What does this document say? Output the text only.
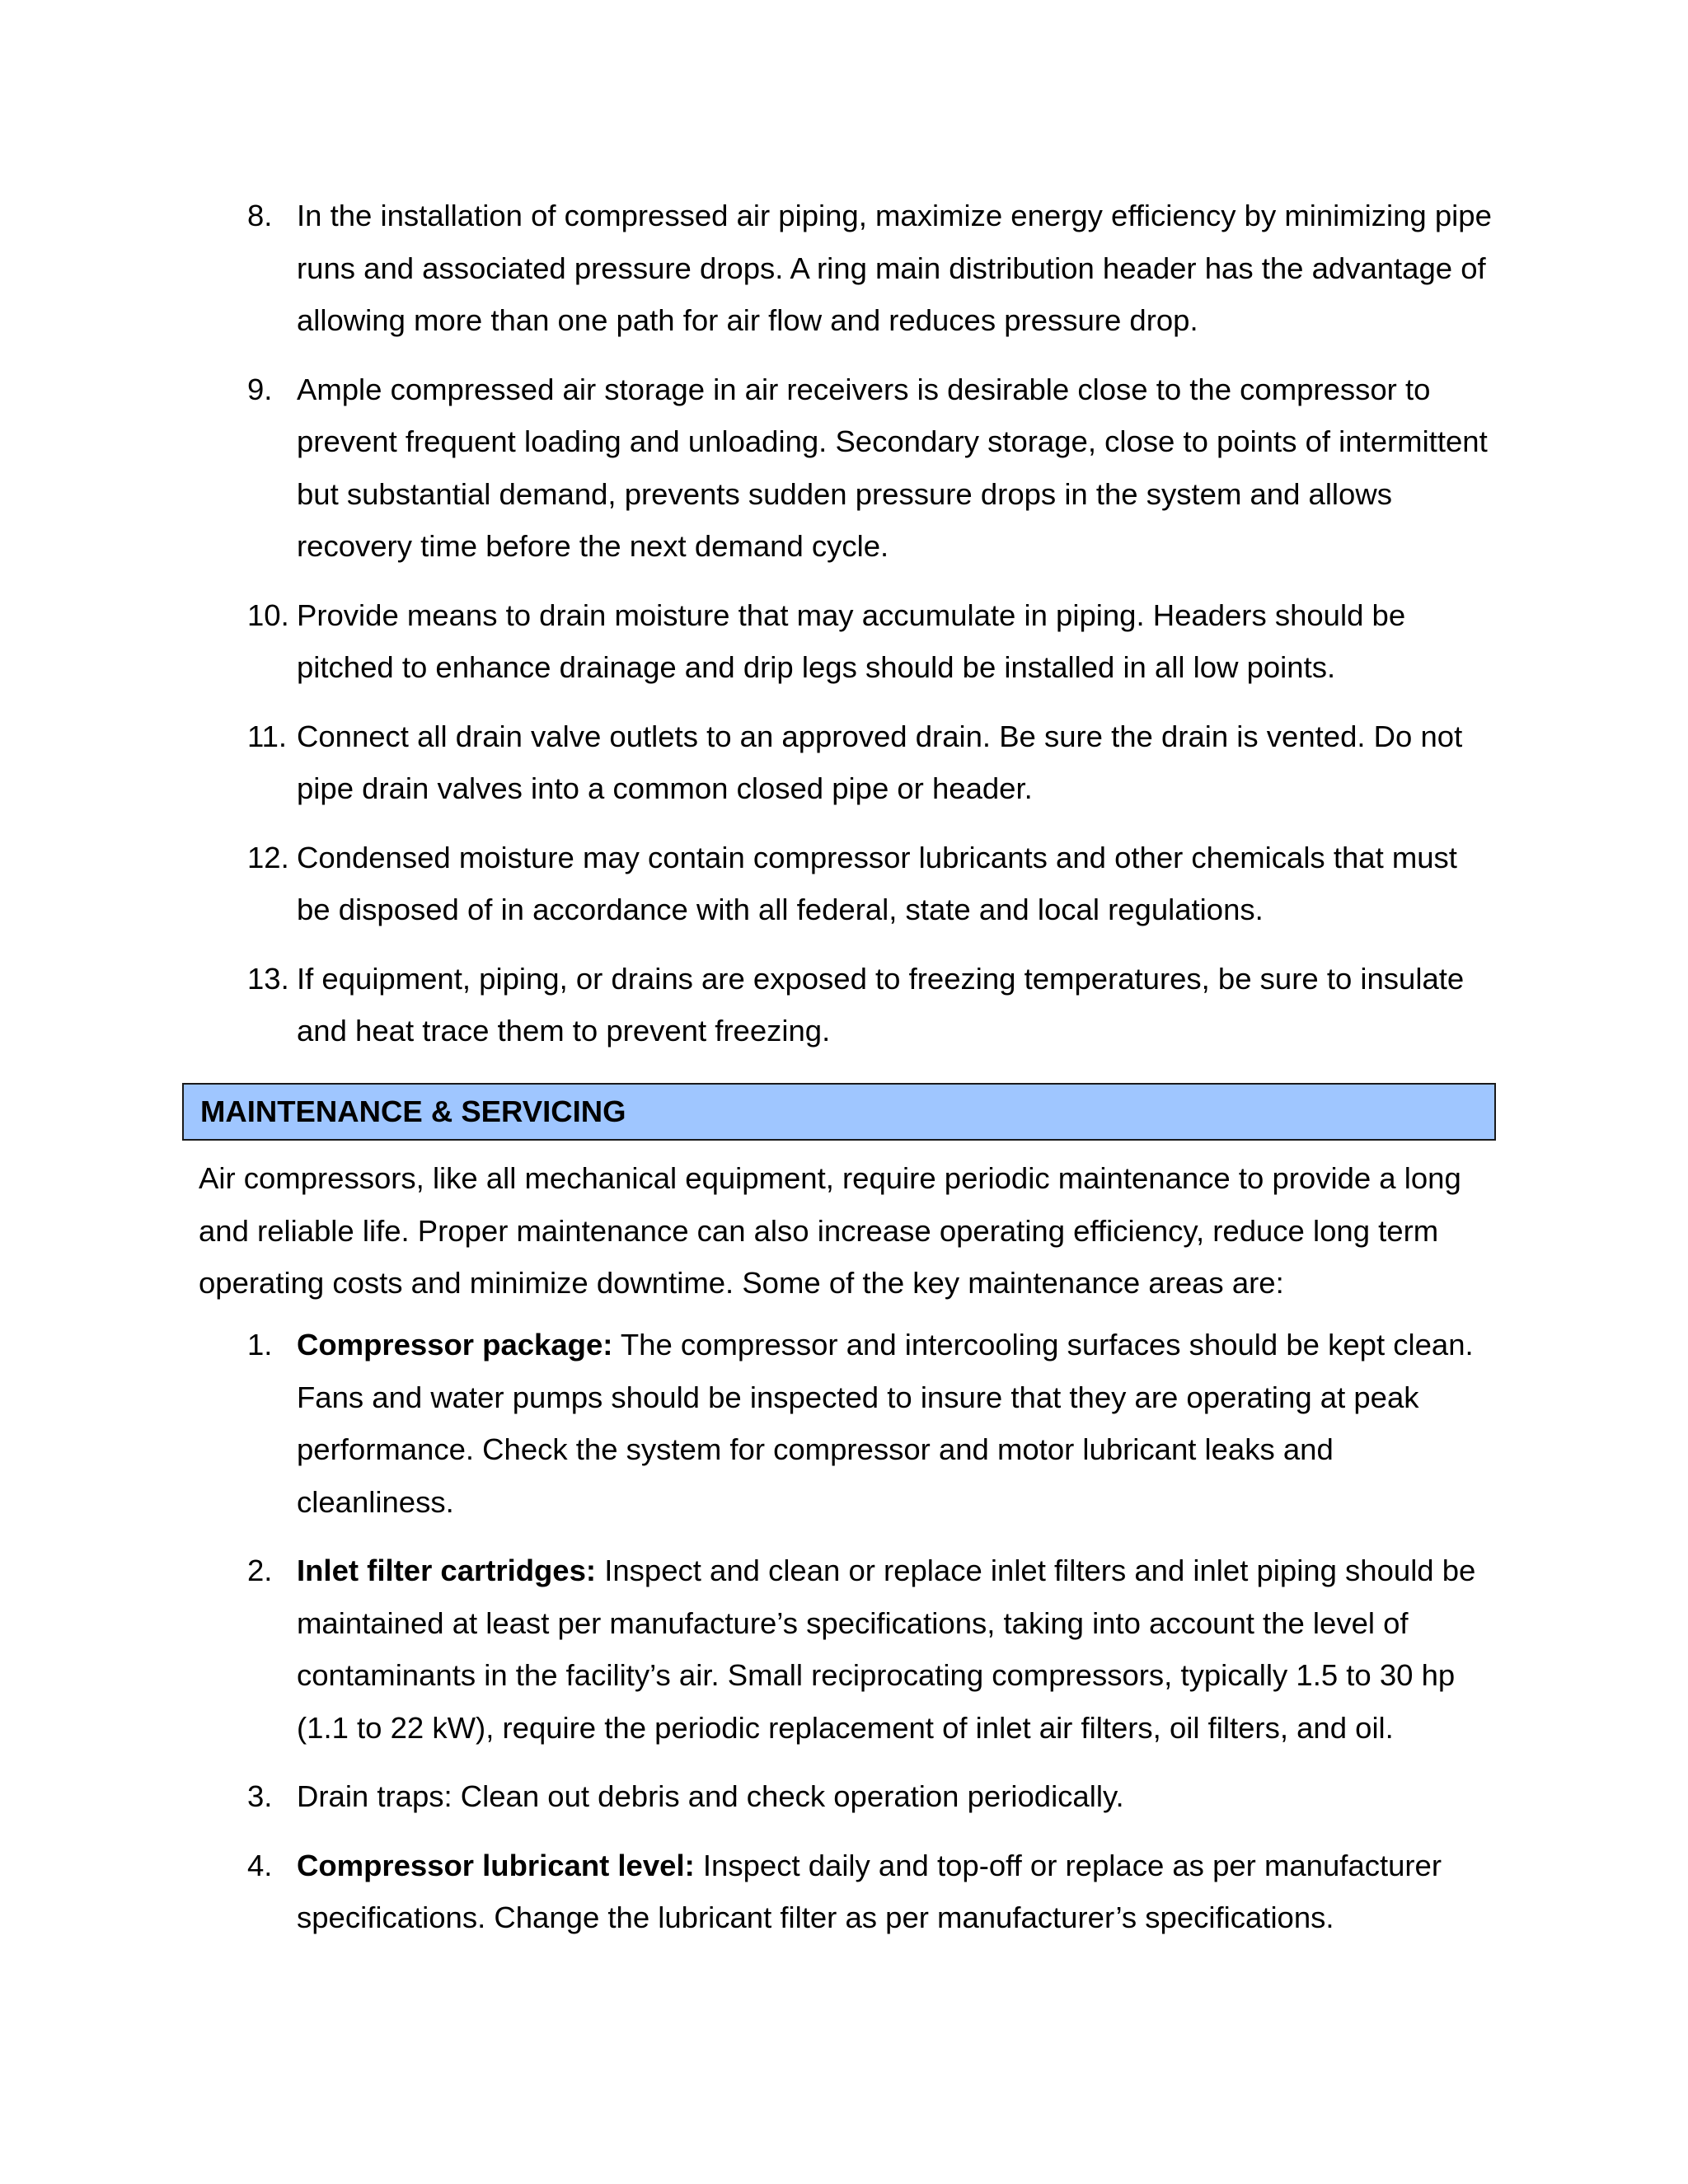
8. In the installation of compressed air piping, maximize energy efficiency by minimizing pipe runs and associated pressure drops. A ring main distribution header has the advantage of allowing more than one path for air flow and reduces pressure drop.
9. Ample compressed air storage in air receivers is desirable close to the compressor to prevent frequent loading and unloading. Secondary storage, close to points of intermittent but substantial demand, prevents sudden pressure drops in the system and allows recovery time before the next demand cycle.
10. Provide means to drain moisture that may accumulate in piping. Headers should be pitched to enhance drainage and drip legs should be installed in all low points.
11. Connect all drain valve outlets to an approved drain. Be sure the drain is vented. Do not pipe drain valves into a common closed pipe or header.
12. Condensed moisture may contain compressor lubricants and other chemicals that must be disposed of in accordance with all federal, state and local regulations.
13. If equipment, piping, or drains are exposed to freezing temperatures, be sure to insulate and heat trace them to prevent freezing.
MAINTENANCE & SERVICING

Air compressors, like all mechanical equipment, require periodic maintenance to provide a long and reliable life. Proper maintenance can also increase operating efficiency, reduce long term operating costs and minimize downtime. Some of the key maintenance areas are:

1. Compressor package: The compressor and intercooling surfaces should be kept clean. Fans and water pumps should be inspected to insure that they are operating at peak performance. Check the system for compressor and motor lubricant leaks and cleanliness.
2. Inlet filter cartridges: Inspect and clean or replace inlet filters and inlet piping should be maintained at least per manufacture’s specifications, taking into account the level of contaminants in the facility’s air. Small reciprocating compressors, typically 1.5 to 30 hp (1.1 to 22 kW), require the periodic replacement of inlet air filters, oil filters, and oil.
3. Drain traps: Clean out debris and check operation periodically.
4. Compressor lubricant level: Inspect daily and top-off or replace as per manufacturer specifications. Change the lubricant filter as per manufacturer’s specifications.
